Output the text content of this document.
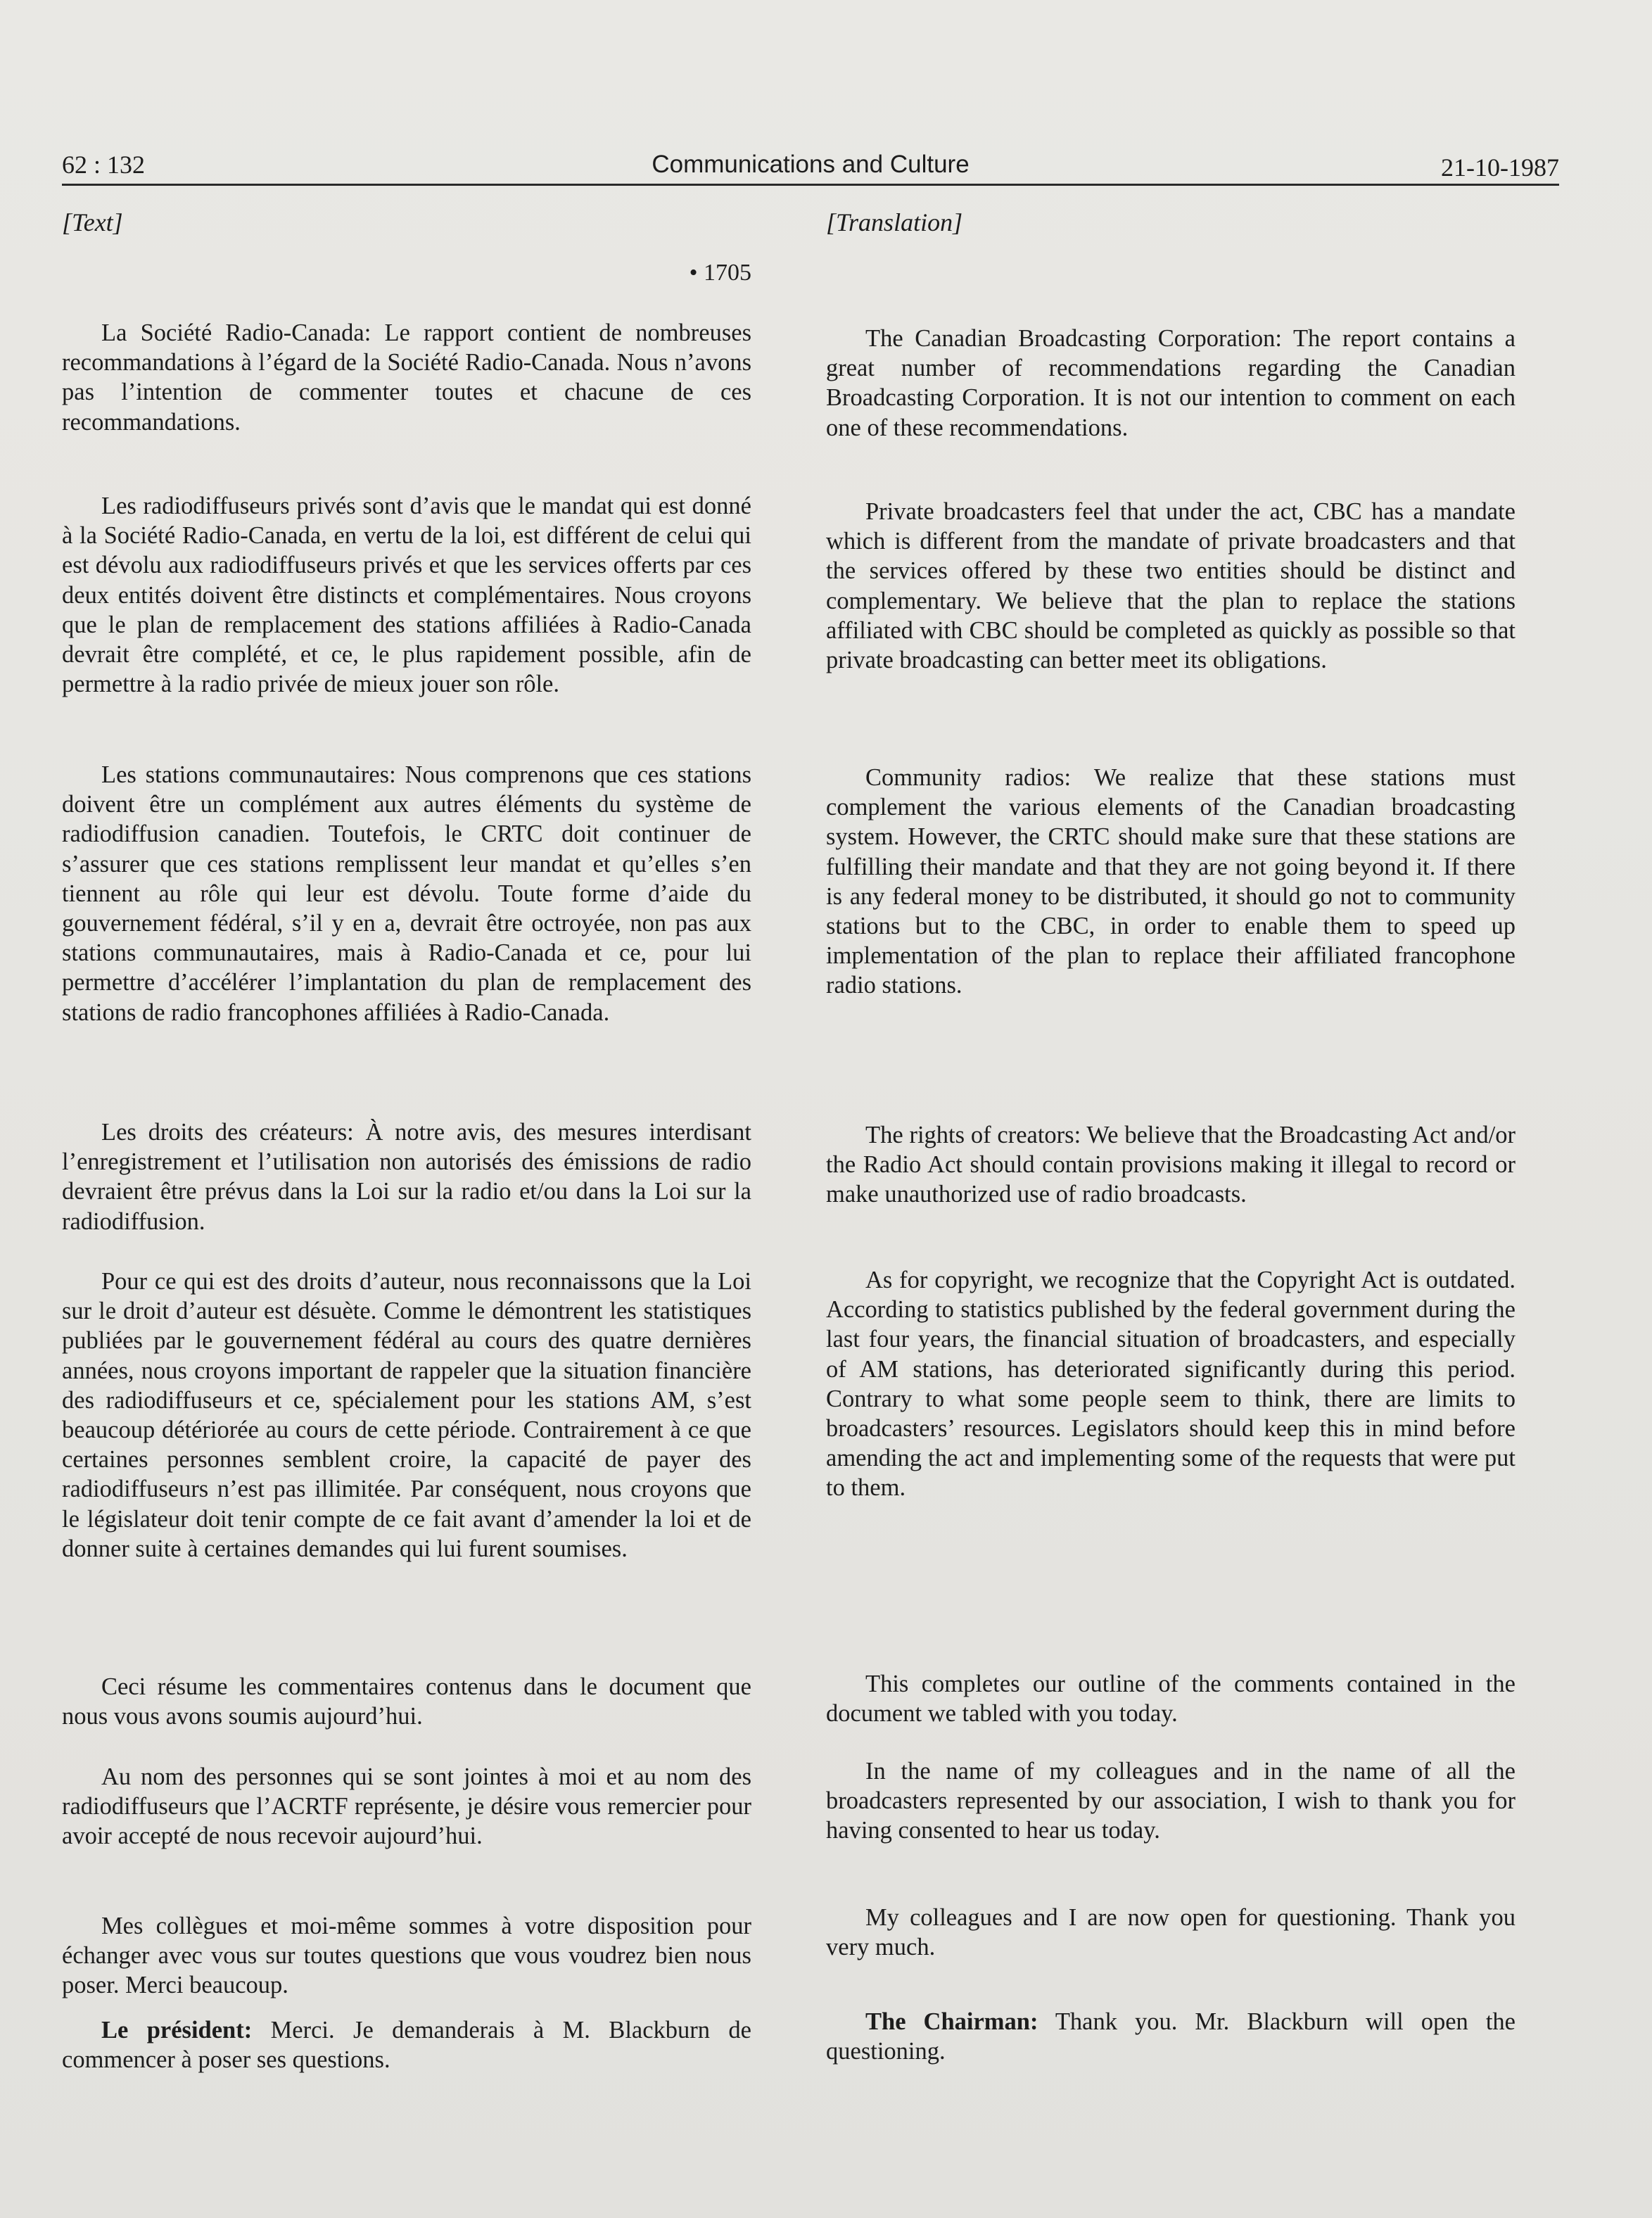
62 : 132	Communications and Culture	21-10-1987
[Text]
• 1705

La Société Radio-Canada: Le rapport contient de nombreuses recommandations à l’égard de la Société Radio-Canada. Nous n’avons pas l’intention de commenter toutes et chacune de ces recommandations.

Les radiodiffuseurs privés sont d’avis que le mandat qui est donné à la Société Radio-Canada, en vertu de la loi, est différent de celui qui est dévolu aux radiodiffuseurs privés et que les services offerts par ces deux entités doivent être distincts et complémentaires. Nous croyons que le plan de remplacement des stations affiliées à Radio-Canada devrait être complété, et ce, le plus rapidement possible, afin de permettre à la radio privée de mieux jouer son rôle.

Les stations communautaires: Nous comprenons que ces stations doivent être un complément aux autres éléments du système de radiodiffusion canadien. Toutefois, le CRTC doit continuer de s’assurer que ces stations remplissent leur mandat et qu’elles s’en tiennent au rôle qui leur est dévolu. Toute forme d’aide du gouvernement fédéral, s’il y en a, devrait être octroyée, non pas aux stations communautaires, mais à Radio-Canada et ce, pour lui permettre d’accélérer l’implantation du plan de remplacement des stations de radio francophones affiliées à Radio-Canada.

Les droits des créateurs: À notre avis, des mesures interdisant l’enregistrement et l’utilisation non autorisés des émissions de radio devraient être prévus dans la Loi sur la radio et/ou dans la Loi sur la radiodiffusion.

Pour ce qui est des droits d’auteur, nous reconnaissons que la Loi sur le droit d’auteur est désuète. Comme le démontrent les statistiques publiées par le gouvernement fédéral au cours des quatre dernières années, nous croyons important de rappeler que la situation financière des radiodiffuseurs et ce, spécialement pour les stations AM, s’est beaucoup détériorée au cours de cette période. Contrairement à ce que certaines personnes semblent croire, la capacité de payer des radiodiffuseurs n’est pas illimitée. Par conséquent, nous croyons que le législateur doit tenir compte de ce fait avant d’amender la loi et de donner suite à certaines demandes qui lui furent soumises.

Ceci résume les commentaires contenus dans le document que nous vous avons soumis aujourd’hui.

Au nom des personnes qui se sont jointes à moi et au nom des radiodiffuseurs que l’ACRTF représente, je désire vous remercier pour avoir accepté de nous recevoir aujourd’hui.

Mes collègues et moi-même sommes à votre disposition pour échanger avec vous sur toutes questions que vous voudrez bien nous poser. Merci beaucoup.

Le président: Merci. Je demanderais à M. Blackburn de commencer à poser ses questions.

[Translation]

The Canadian Broadcasting Corporation: The report contains a great number of recommendations regarding the Canadian Broadcasting Corporation. It is not our intention to comment on each one of these recommendations.

Private broadcasters feel that under the act, CBC has a mandate which is different from the mandate of private broadcasters and that the services offered by these two entities should be distinct and complementary. We believe that the plan to replace the stations affiliated with CBC should be completed as quickly as possible so that private broadcasting can better meet its obligations.

Community radios: We realize that these stations must complement the various elements of the Canadian broadcasting system. However, the CRTC should make sure that these stations are fulfilling their mandate and that they are not going beyond it. If there is any federal money to be distributed, it should go not to community stations but to the CBC, in order to enable them to speed up implementation of the plan to replace their affiliated francophone radio stations.

The rights of creators: We believe that the Broadcasting Act and/or the Radio Act should contain provisions making it illegal to record or make unauthorized use of radio broadcasts.

As for copyright, we recognize that the Copyright Act is outdated. According to statistics published by the federal government during the last four years, the financial situation of broadcasters, and especially of AM stations, has deteriorated significantly during this period. Contrary to what some people seem to think, there are limits to broadcasters’ resources. Legislators should keep this in mind before amending the act and implementing some of the requests that were put to them.

This completes our outline of the comments contained in the document we tabled with you today.

In the name of my colleagues and in the name of all the broadcasters represented by our association, I wish to thank you for having consented to hear us today.

My colleagues and I are now open for questioning. Thank you very much.

The Chairman: Thank you. Mr. Blackburn will open the questioning.
